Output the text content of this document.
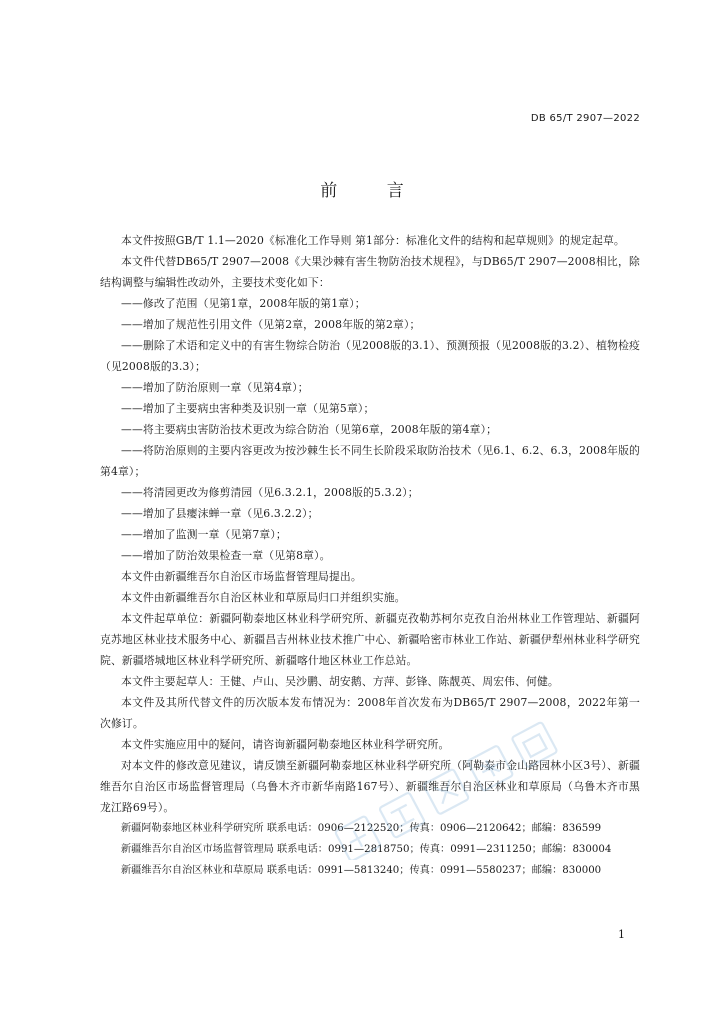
DB 65/T 2907—2022
前 言

本文件按照GB/T 1.1—2020《标准化工作导则 第1部分：标准化文件的结构和起草规则》的规定起草。

本文件代替DB65/T 2907—2008《大果沙棘有害生物防治技术规程》，与DB65/T 2907—2008相比，除结构调整与编辑性改动外，主要技术变化如下：

——修改了范围（见第1章，2008年版的第1章）；

——增加了规范性引用文件（见第2章，2008年版的第2章）；

——删除了术语和定义中的有害生物综合防治（见2008版的3.1）、预测预报（见2008版的3.2）、植物检疫（见2008版的3.3）；

——增加了防治原则一章（见第4章）；

——增加了主要病虫害种类及识别一章（见第5章）；

——将主要病虫害防治技术更改为综合防治（见第6章，2008年版的第4章）；

——将防治原则的主要内容更改为按沙棘生长不同生长阶段采取防治技术（见6.1、6.2、6.3，2008年版的第4章）；

——将清园更改为修剪清园（见6.3.2.1，2008版的5.3.2）；

——增加了县瘿沫蝉一章（见6.3.2.2）；

——增加了监测一章（见第7章）；

——增加了防治效果检查一章（见第8章）。

本文件由新疆维吾尔自治区市场监督管理局提出。

本文件由新疆维吾尔自治区林业和草原局归口并组织实施。

本文件起草单位：新疆阿勒泰地区林业科学研究所、新疆克孜勒苏柯尔克孜自治州林业工作管理站、新疆阿克苏地区林业技术服务中心、新疆昌吉州林业技术推广中心、新疆哈密市林业工作站、新疆伊犁州林业科学研究院、新疆塔城地区林业科学研究所、新疆喀什地区林业工作总站。

本文件主要起草人：王健、卢山、吴沙鹏、胡安鹅、方萍、彭锋、陈靓英、周宏伟、何健。

本文件及其所代替文件的历次版本发布情况为：2008年首次发布为DB65/T 2907—2008，2022年第一次修订。

本文件实施应用中的疑问，请咨询新疆阿勒泰地区林业科学研究所。

对本文件的修改意见建议，请反馈至新疆阿勒泰地区林业科学研究所（阿勒泰市金山路园林小区3号）、新疆维吾尔自治区市场监督管理局（乌鲁木齐市新华南路167号）、新疆维吾尔自治区林业和草原局（乌鲁木齐市黑龙江路69号）。

新疆阿勒泰地区林业科学研究所 联系电话：0906—2122520；传真：0906—2120642；邮编：836599

新疆维吾尔自治区市场监督管理局 联系电话：0991—2818750；传真：0991—2311250；邮编：830004

新疆维吾尔自治区林业和草原局 联系电话：0991—5813240；传真：0991—5580237；邮编：830000

1
